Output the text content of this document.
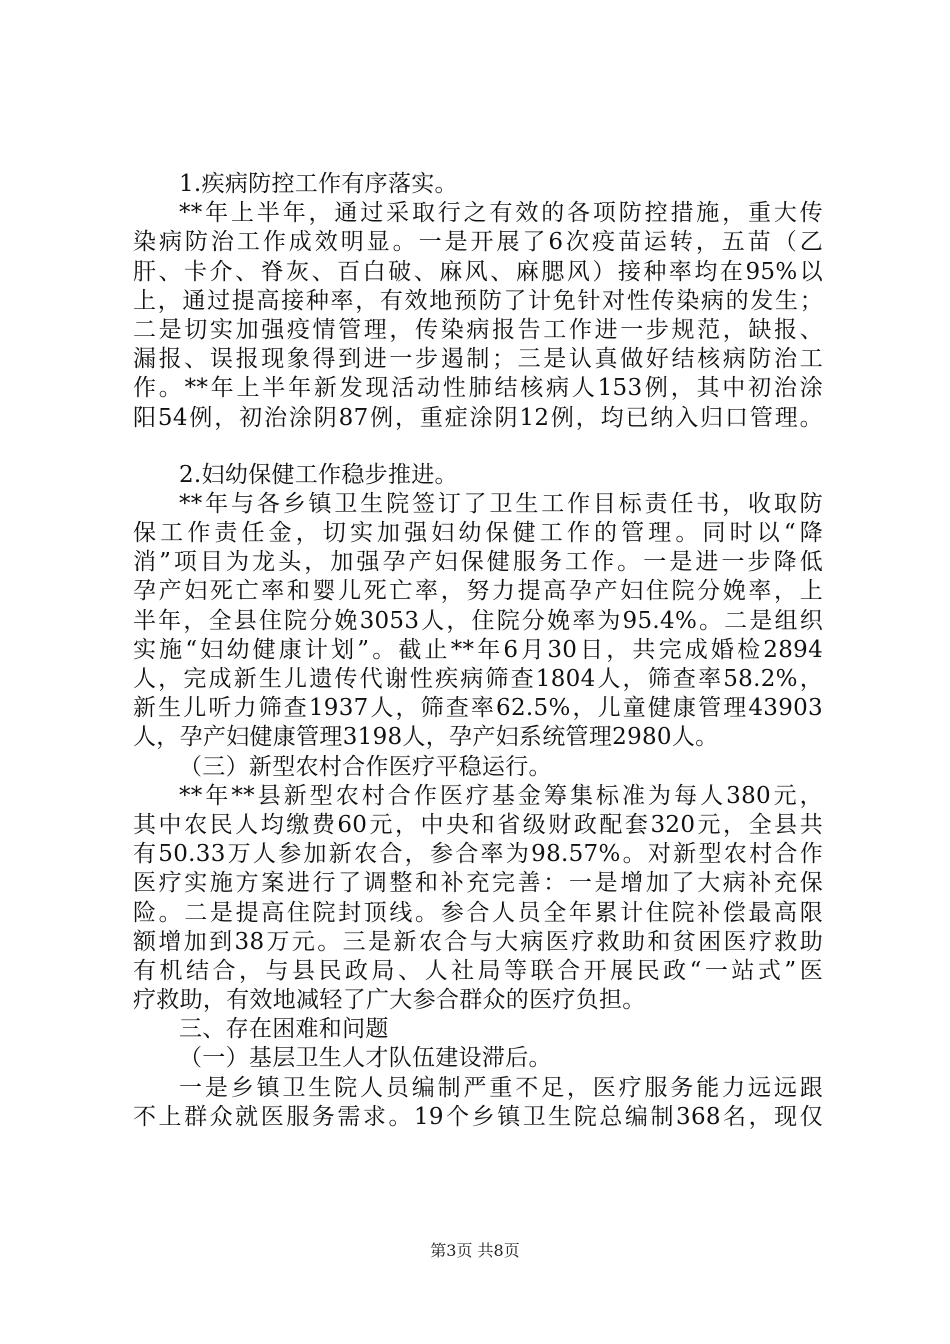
1.疾病防控工作有序落实。
**年上半年，通过采取行之有效的各项防控措施，重大传
染病防治工作成效明显。一是开展了6次疫苗运转，五苗（乙
肝、卡介、脊灰、百白破、麻风、麻腮风）接种率均在95%以
上，通过提高接种率，有效地预防了计免针对性传染病的发生；
二是切实加强疫情管理，传染病报告工作进一步规范，缺报、
漏报、误报现象得到进一步遏制；三是认真做好结核病防治工
作。**年上半年新发现活动性肺结核病人153例，其中初治涂
阳54例，初治涂阴87例，重症涂阴12例，均已纳入归口管理。
2.妇幼保健工作稳步推进。
**年与各乡镇卫生院签订了卫生工作目标责任书，收取防
保工作责任金，切实加强妇幼保健工作的管理。同时以“降
消”项目为龙头，加强孕产妇保健服务工作。一是进一步降低
孕产妇死亡率和婴儿死亡率，努力提高孕产妇住院分娩率，上
半年，全县住院分娩3053人，住院分娩率为95.4%。二是组织
实施“妇幼健康计划”。截止**年6月30日，共完成婚检2894
人，完成新生儿遗传代谢性疾病筛查1804人，筛查率58.2%，
新生儿听力筛查1937人，筛查率62.5%，儿童健康管理43903
人，孕产妇健康管理3198人，孕产妇系统管理2980人。
（三）新型农村合作医疗平稳运行。
**年**县新型农村合作医疗基金筹集标准为每人380元，
其中农民人均缴费60元，中央和省级财政配套320元，全县共
有50.33万人参加新农合，参合率为98.57%。对新型农村合作
医疗实施方案进行了调整和补充完善：一是增加了大病补充保
险。二是提高住院封顶线。参合人员全年累计住院补偿最高限
额增加到38万元。三是新农合与大病医疗救助和贫困医疗救助
有机结合，与县民政局、人社局等联合开展民政“一站式”医
疗救助，有效地减轻了广大参合群众的医疗负担。
三、存在困难和问题
（一）基层卫生人才队伍建设滞后。
一是乡镇卫生院人员编制严重不足，医疗服务能力远远跟
不上群众就医服务需求。19个乡镇卫生院总编制368名，现仅
第3页 共8页
